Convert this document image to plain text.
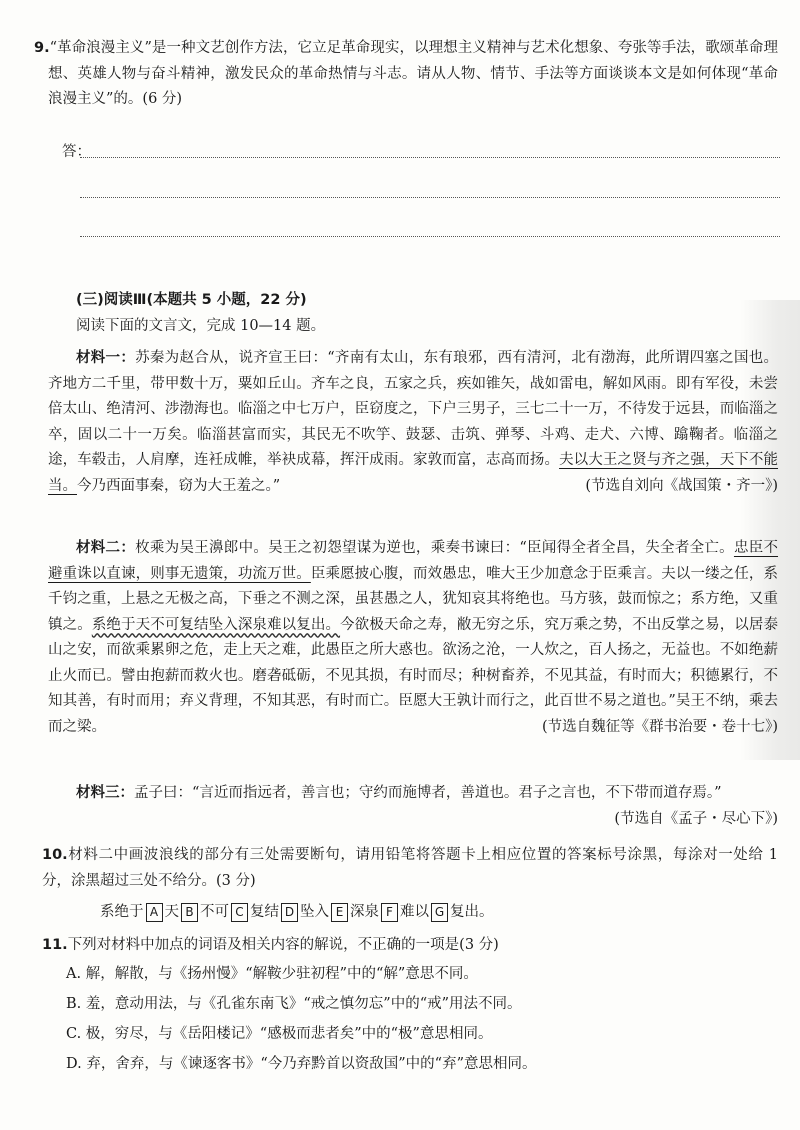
9.“革命浪漫主义”是一种文艺创作方法，它立足革命现实，以理想主义精神与艺术化想象、夸张等手法，歌颂革命理想、英雄人物与奋斗精神，激发民众的革命热情与斗志。请从人物、情节、手法等方面谈谈本文是如何体现“革命浪漫主义”的。(6 分)

答：
(三)阅读Ⅲ(本题共 5 小题，22 分)
阅读下面的文言文，完成 10—14 题。

材料一：苏秦为赵合从，说齐宣王曰：“齐南有太山，东有琅邪，西有清河，北有渤海，此所谓四塞之国也。齐地方二千里，带甲数十万，粟如丘山。齐车之良，五家之兵，疾如锥矢，战如雷电，解如风雨。即有军役，未尝倍太山、绝清河、涉渤海也。临淄之中七万户，臣窃度之，下户三男子，三七二十一万，不待发于远县，而临淄之卒，固以二十一万矣。临淄甚富而实，其民无不吹竽、鼓瑟、击筑、弹琴、斗鸡、走犬、六博、蹹鞠者。临淄之途，车毂击，人肩摩，连衽成帷，举袂成幕，挥汗成雨。家敦而富，志高而扬。夫以大王之贤与齐之强，天下不能当。今乃西面事秦，窃为大王羞之。”	(节选自刘向《战国策・齐一》)

材料二：枚乘为吴王濞郎中。吴王之初怨望谋为逆也，乘奏书谏曰：“臣闻得全者全昌，失全者全亡。忠臣不避重诛以直谏，则事无遗策，功流万世。臣乘愿披心腹，而效愚忠，唯大王少加意念于臣乘言。夫以一缕之任，系千钧之重，上悬之无极之高，下垂之不测之深，虽甚愚之人，犹知哀其将绝也。马方骇，鼓而惊之；系方绝，又重镇之。系绝于天不可复结坠入深泉难以复出。今欲极天命之寿，敝无穷之乐，究万乘之势，不出反掌之易，以居泰山之安，而欲乘累卵之危，走上天之难，此愚臣之所大惑也。欲汤之沧，一人炊之，百人扬之，无益也。不如绝薪止火而已。譬由抱薪而救火也。磨砻砥砺，不见其损，有时而尽；种树畜养，不见其益，有时而大；积德累行，不知其善，有时而用；弃义背理，不知其恶，有时而亡。臣愿大王孰计而行之，此百世不易之道也。”吴王不纳，乘去而之梁。	(节选自魏征等《群书治要・卷十七》)

材料三：孟子曰：“言近而指远者，善言也；守约而施博者，善道也。君子之言也，不下带而道存焉。”

(节选自《孟子・尽心下》)

10.材料二中画波浪线的部分有三处需要断句，请用铅笔将答题卡上相应位置的答案标号涂黑，每涂对一处给 1 分，涂黑超过三处不给分。(3 分)

系绝于 A 天 B 不可 C 复结 D 坠入 E 深泉 F 难以 G 复出。

11.下列对材料中加点的词语及相关内容的解说，不正确的一项是(3 分)

A. 解，解散，与《扬州慢》“解鞍少驻初程”中的“解”意思不同。

B. 羞，意动用法，与《孔雀东南飞》“戒之慎勿忘”中的“戒”用法不同。

C. 极，穷尽，与《岳阳楼记》“感极而悲者矣”中的“极”意思相同。

D. 弃，舍弃，与《谏逐客书》“今乃弃黔首以资敌国”中的“弃”意思相同。
